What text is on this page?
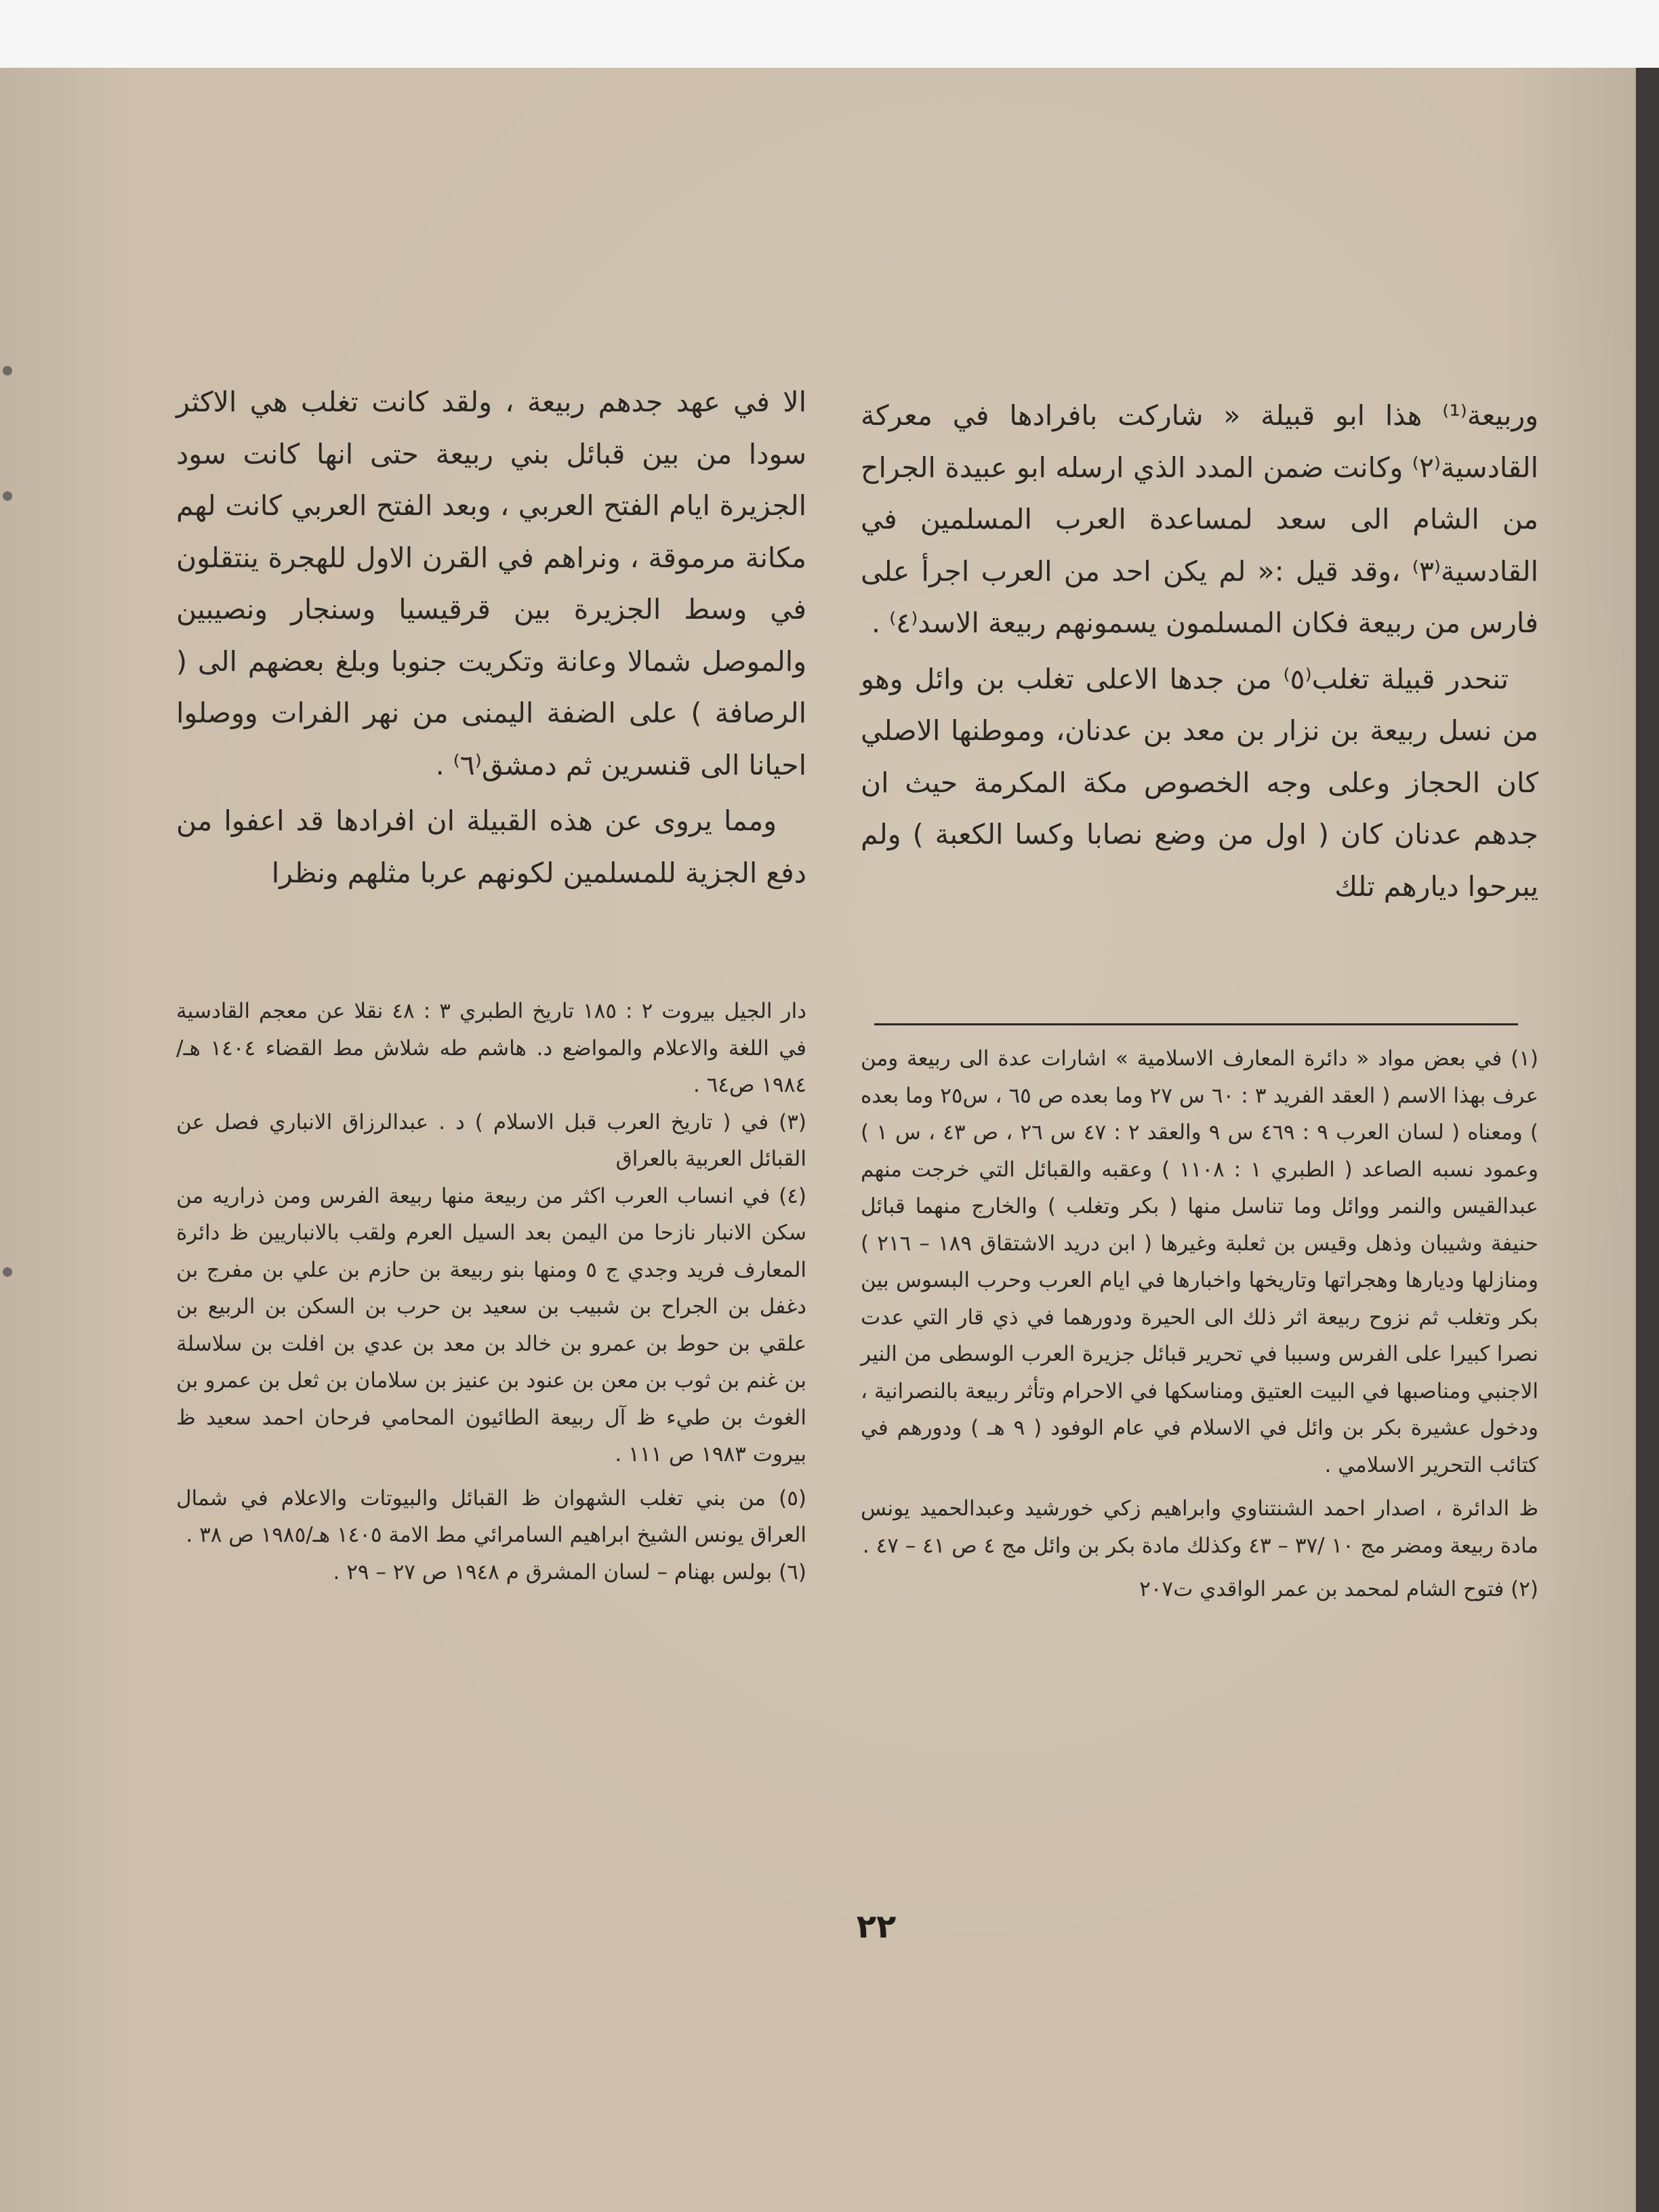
وربيعة⁽¹⁾ هذا ابو قبيلة « شاركت بافرادها في معركة القادسية⁽٢⁾ وكانت ضمن المدد الذي ارسله ابو عبيدة الجراح من الشام الى سعد لمساعدة العرب المسلمين في القادسية⁽٣⁾ ،وقد قيل :« لم يكن احد من العرب اجرأ على فارس من ربيعة فكان المسلمون يسمونهم ربيعة الاسد⁽٤⁾ .

تنحدر قبيلة تغلب⁽٥⁾ من جدها الاعلى تغلب بن وائل وهو من نسل ربيعة بن نزار بن معد بن عدنان، وموطنها الاصلي كان الحجاز وعلى وجه الخصوص مكة المكرمة حيث ان جدهم عدنان كان ( اول من وضع نصابا وكسا الكعبة ) ولم يبرحوا ديارهم تلك

الا في عهد جدهم ربيعة ، ولقد كانت تغلب هي الاكثر سودا من بين قبائل بني ربيعة حتى انها كانت سود الجزيرة ايام الفتح العربي ، وبعد الفتح العربي كانت لهم مكانة مرموقة ، ونراهم في القرن الاول للهجرة ينتقلون في وسط الجزيرة بين قرقيسيا وسنجار ونصيبين والموصل شمالا وعانة وتكريت جنوبا وبلغ بعضهم الى ( الرصافة ) على الضفة اليمنى من نهر الفرات ووصلوا احيانا الى قنسرين ثم دمشق⁽٦⁾ .

ومما يروى عن هذه القبيلة ان افرادها قد اعفوا من دفع الجزية للمسلمين لكونهم عربا مثلهم ونظرا

(١) في بعض مواد « دائرة المعارف الاسلامية » اشارات عدة الى ربيعة ومن عرف بهذا الاسم ( العقد الفريد ٣ : ٦٠ س ٢٧ وما بعده ص ٦٥ ، س٢٥ وما بعده ) ومعناه ( لسان العرب ٩ : ٤٦٩ س ٩ والعقد ٢ : ٤٧ س ٢٦ ، ص ٤٣ ، س ١ ) وعمود نسبه الصاعد ( الطبري ١ : ١١٠٨ ) وعقبه والقبائل التي خرجت منهم عبدالقيس والنمر ووائل وما تناسل منها ( بكر وتغلب ) والخارج منهما قبائل حنيفة وشيبان وذهل وقيس بن ثعلبة وغيرها ( ابن دريد الاشتقاق ١٨٩ – ٢١٦ ) ومنازلها وديارها وهجراتها وتاريخها واخبارها في ايام العرب وحرب البسوس بين بكر وتغلب ثم نزوح ربيعة اثر ذلك الى الحيرة ودورهما في ذي قار التي عدت نصرا كبيرا على الفرس وسببا في تحرير قبائل جزيرة العرب الوسطى من النير الاجنبي ومناصبها في البيت العتيق ومناسكها في الاحرام وتأثر ربيعة بالنصرانية ، ودخول عشيرة بكر بن وائل في الاسلام في عام الوفود ( ٩ هـ ) ودورهم في كتائب التحرير الاسلامي .

ظ الدائرة ، اصدار احمد الشنتناوي وابراهيم زكي خورشيد وعبدالحميد يونس مادة ربيعة ومضر مج ١٠ /٣٧ – ٤٣ وكذلك مادة بكر بن وائل مج ٤ ص ٤١ – ٤٧ .

(٢) فتوح الشام لمحمد بن عمر الواقدي ت٢٠٧

دار الجيل بيروت ٢ : ١٨٥ تاريخ الطبري ٣ : ٤٨ نقلا عن معجم القادسية في اللغة والاعلام والمواضع د. هاشم طه شلاش مط القضاء ١٤٠٤ هـ/١٩٨٤ ص٦٤ .

(٣) في ( تاريخ العرب قبل الاسلام ) د . عبدالرزاق الانباري فصل عن القبائل العربية بالعراق

(٤) في انساب العرب اكثر من ربيعة منها ربيعة الفرس ومن ذراريه من سكن الانبار نازحا من اليمن بعد السيل العرم ولقب بالانباريين ظ دائرة المعارف فريد وجدي ج ٥ ومنها بنو ربيعة بن حازم بن علي بن مفرج بن دغفل بن الجراح بن شبيب بن سعيد بن حرب بن السكن بن الربيع بن علقي بن حوط بن عمرو بن خالد بن معد بن عدي بن افلت بن سلاسلة بن غنم بن ثوب بن معن بن عنود بن عنيز بن سلامان بن ثعل بن عمرو بن الغوث بن طيء ظ آل ربيعة الطائيون المحامي فرحان احمد سعيد ظ بيروت ١٩٨٣ ص ١١١ .

(٥) من بني تغلب الشهوان ظ القبائل والبيوتات والاعلام في شمال العراق يونس الشيخ ابراهيم السامرائي مط الامة ١٤٠٥ هـ/١٩٨٥ ص ٣٨ .

(٦) بولس بهنام – لسان المشرق م ١٩٤٨ ص ٢٧ – ٢٩ .

٢٢
